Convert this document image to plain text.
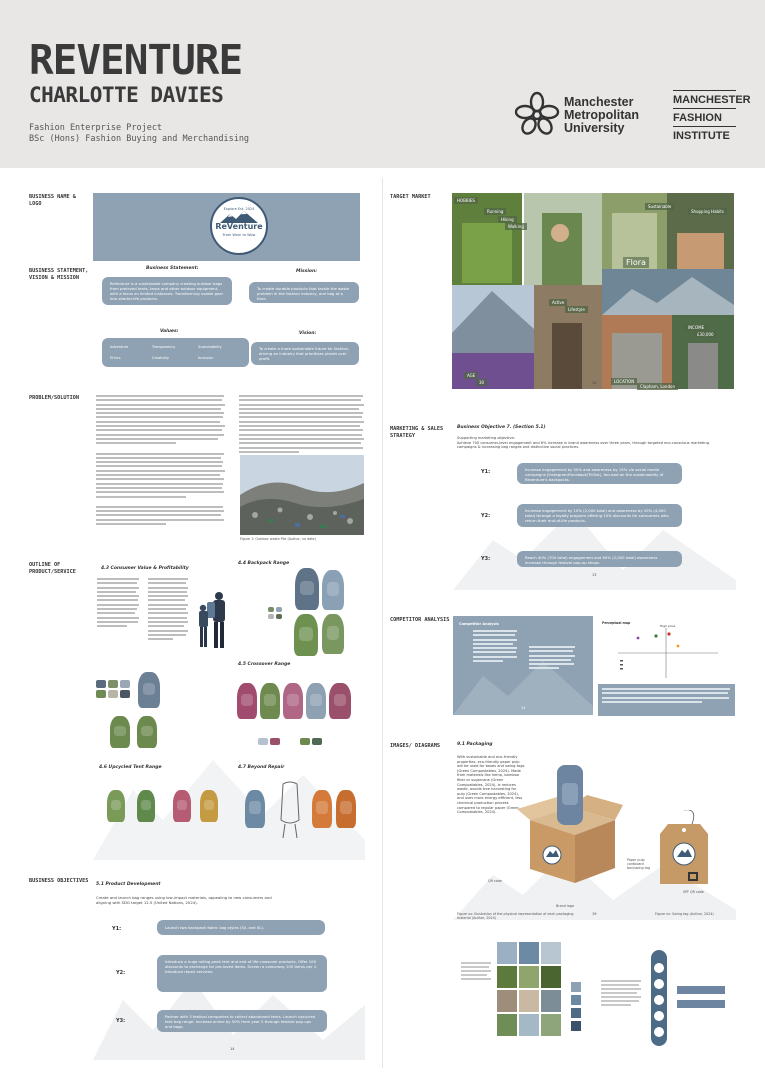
REVENTURE
CHARLOTTE DAVIES
Fashion Enterprise Project
BSc (Hons) Fashion Buying and Merchandising
Manchester
Metropolitan
University
MANCHESTER
FASHION
INSTITUTE
BUSINESS NAME & LOGO
Explore Est. 2024
ReVenture
From Worn to Wow
BUSINESS STATEMENT, VISION & MISSION
Business Statement:
ReVenture is a sustainable company creating outdoor bags from preloved tents, tarps and other outdoor equipment, with a focus on limited instances. Transforming usable gear into shorter-life products.
Mission:
To create durable products that tackle the waste problem in the fashion industry, one bag at a time.
Values:
Adventure	Transparency	Sustainability
Ethics	Creativity	Inclusion
Vision:
To create a more sustainable future for fashion, driving an industry that prioritises planet over profit.
PROBLEM/SOLUTION
Figure 1: Outdoor waste Pile (Author, no date)
OUTLINE OF PRODUCT/SERVICE	4.3 Consumer Value & Profitability
4.4 Backpack Range
4.5 Crossover Range
4.6 Upcycled Tent Range	4.7 Beyond Repair
BUSINESS OBJECTIVES
5.1 Product Development
Create and launch bag ranges using low-impact materials, appealing to new consumers and aligning with SDG target 12.5 (United Nations, 2024).
Y1:	Launch two backpack fabric bag styles (S/L and XL).
Y2:
Introduce a huge rolling peak tent and end of life crossover products. Offer 100 discounts to exchange for pre-loved items. Screen a colourway 100 items per 1. Introduce repair services.
Y3:
Partner with 3 festival companies to collect abandoned tents. Launch upcycled tent bag range. Increase online by 50% from year 2 through festival pop-ups and bags.
14
TARGET MARKET
HOBBIES
Running
Hiking
Walking
Sustainable
Shopping Habits
Flora
Active
Lifestyle
INCOME
£30,000
AGE
30	LOCATION
Clapham, London
10
MARKETING & SALES STRATEGY
Business Objective 7. (Section 5.1)
Supporting marketing objective:
Achieve 700 consumer-level engagement and 6% increase in brand awareness over three years, through targeted eco-conscious marketing campaigns & increasing bag ranges and distinctive social practices.
Y1:	Increase engagement by 50% and awareness by 15% via social media campaigns (Instagram/Facebook/TikTok), focused on the sustainability of Reventure's backpacks.
Y2:
Increase engagement by 10% (2,000 total) and awareness by 20% (4,000 total) through a loyalty program offering 10% discounts for consumers who return their end-of-life products.
Y3:	Reach 40% (700 total) engagement and 60% (2,000 total) awareness increase through festival pop-up shops.
13
COMPETITOR ANALYSIS
Competitor Analysis
14
Perceptual map
High price
IMAGES/ DIAGRAMS	9.1 Packaging
With sustainable and eco-friendly properties, eco-friendly paper pulp will be used for boxes and swing tags (Green Compostables, 2024). Made from materials like hemp, bamboo fiber or sugarcane (Green Compostables, 2024), is reduces waste, avoids tree harvesting for pulp (Green Compostables, 2024), and uses more energy-efficient, less chemical production process compared to regular paper (Green Compostables, 2024).
QR code
Paper pulp cardboard box/swing tag
SPF QR code
Brand logo
Figure xx: Illustration of the physical representation of each packaging material (Author, 2024)
Figure xx: Swing tag (Author, 2024)
19
